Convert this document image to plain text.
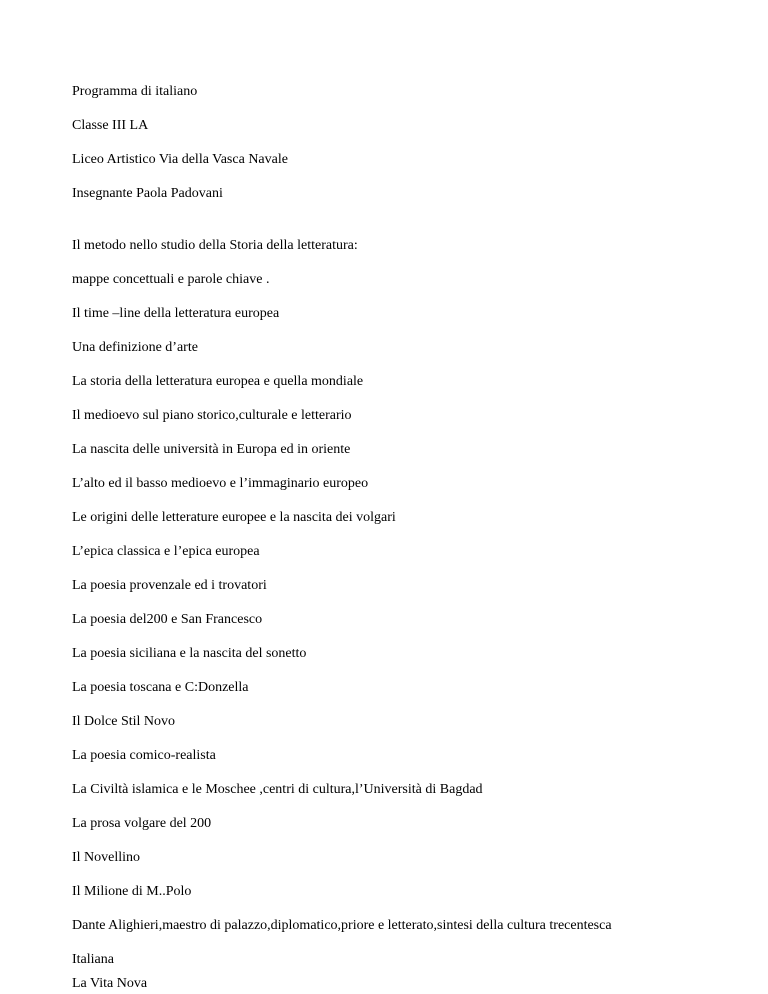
Programma di italiano
Classe III LA
Liceo Artistico Via della Vasca Navale
Insegnante Paola Padovani
Il metodo nello studio della Storia della letteratura:
mappe concettuali e parole chiave .
Il time –line della letteratura europea
Una definizione d’arte
La storia della letteratura europea e quella mondiale
Il medioevo sul piano storico,culturale e letterario
La nascita delle università in Europa ed in oriente
L’alto ed il basso medioevo e l’immaginario europeo
Le origini delle letterature europee e la nascita dei volgari
L’epica classica e l’epica europea
La poesia provenzale ed i trovatori
La poesia del200 e San Francesco
La poesia siciliana e la nascita del sonetto
La poesia toscana e C:Donzella
Il Dolce Stil Novo
La poesia comico-realista
La Civiltà islamica e le Moschee ,centri di cultura,l’Università di Bagdad
La prosa volgare del 200
Il Novellino
Il Milione di M..Polo
Dante Alighieri,maestro di palazzo,diplomatico,priore e letterato,sintesi della cultura trecentesca
Italiana
La Vita Nova
